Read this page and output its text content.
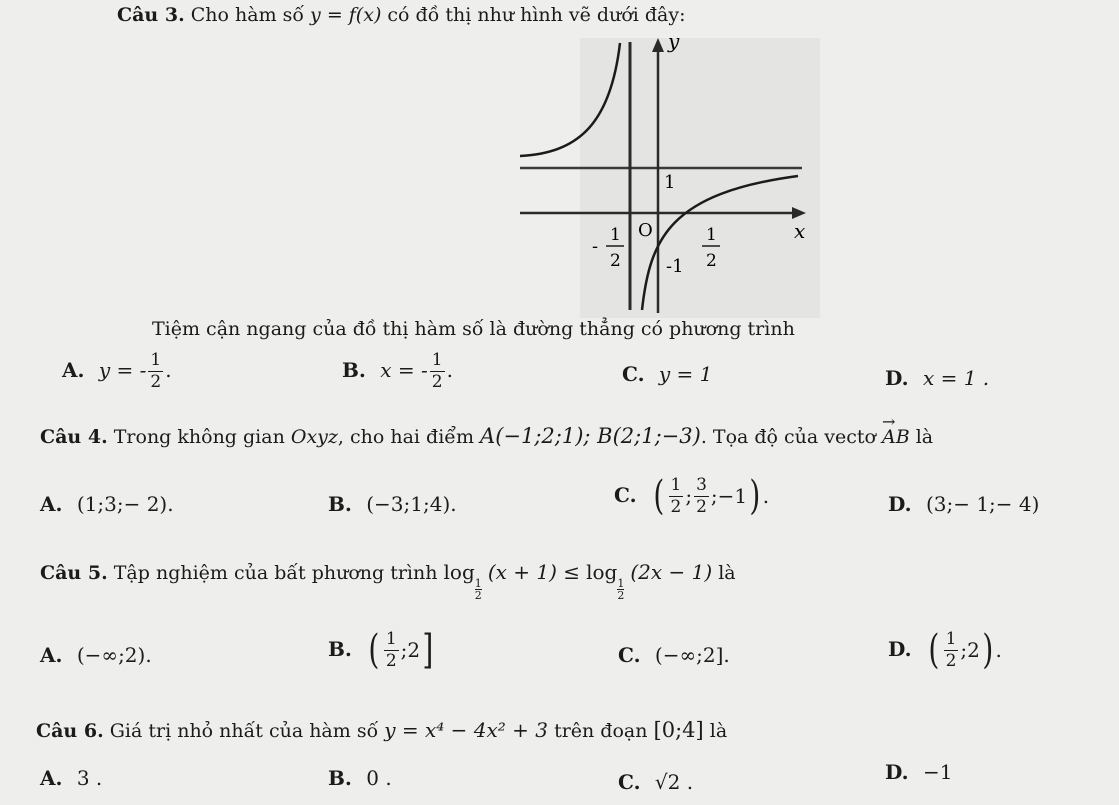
Câu 3. Cho hàm số y = f(x) có đồ thị như hình vẽ dưới đây:
y
x
1
O
-1
1
2
-
1
2
Tiệm cận ngang của đồ thị hàm số là đường thẳng có phương trình
A. y = - $\frac{1}{2}$ .	B. x = - $\frac{1}{2}$ .	C. y = 1	D. x = 1 .
Câu 4. Trong không gian Oxyz, cho hai điểm A(−1;2;1); B(2;1;−3). Tọa độ của vectơ → AB là
A. (1;3;− 2).	B. (−3;1;4).	C. ( $\frac{1}{2}$ ; $\frac{3}{2}$ ;−1) .	D. (3;− 1;− 4)
Câu 5. Tập nghiệm của bất phương trình log
$\frac{1}{2}$
(x + 1) ≤ log
$\frac{1}{2}$
(2x − 1) là
A. (−∞;2).	B. ( $\frac{1}{2}$ ;2]	C. (−∞;2].	D. ( $\frac{1}{2}$ ;2) .
Câu 6. Giá trị nhỏ nhất của hàm số y = x⁴ − 4x² + 3 trên đoạn [0;4] là
A. 3 .	B. 0 .	C. √2 .	D. −1
